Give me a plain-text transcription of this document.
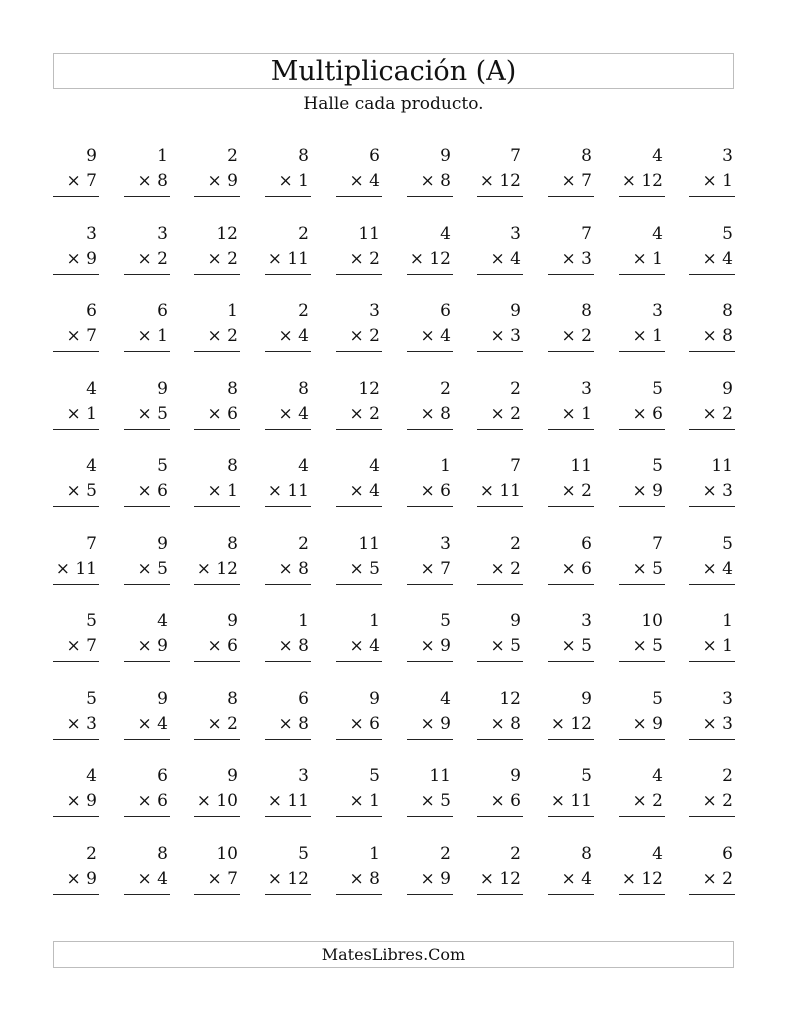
Multiplicación (A)
Halle cada producto.
9
× 7
1
× 8
2
× 9
8
× 1
6
× 4
9
× 8
7
× 12
8
× 7
4
× 12
3
× 1
3
× 9
3
× 2
12
× 2
2
× 11
11
× 2
4
× 12
3
× 4
7
× 3
4
× 1
5
× 4
6
× 7
6
× 1
1
× 2
2
× 4
3
× 2
6
× 4
9
× 3
8
× 2
3
× 1
8
× 8
4
× 1
9
× 5
8
× 6
8
× 4
12
× 2
2
× 8
2
× 2
3
× 1
5
× 6
9
× 2
4
× 5
5
× 6
8
× 1
4
× 11
4
× 4
1
× 6
7
× 11
11
× 2
5
× 9
11
× 3
7
× 11
9
× 5
8
× 12
2
× 8
11
× 5
3
× 7
2
× 2
6
× 6
7
× 5
5
× 4
5
× 7
4
× 9
9
× 6
1
× 8
1
× 4
5
× 9
9
× 5
3
× 5
10
× 5
1
× 1
5
× 3
9
× 4
8
× 2
6
× 8
9
× 6
4
× 9
12
× 8
9
× 12
5
× 9
3
× 3
4
× 9
6
× 6
9
× 10
3
× 11
5
× 1
11
× 5
9
× 6
5
× 11
4
× 2
2
× 2
2
× 9
8
× 4
10
× 7
5
× 12
1
× 8
2
× 9
2
× 12
8
× 4
4
× 12
6
× 2
MatesLibres.Com
